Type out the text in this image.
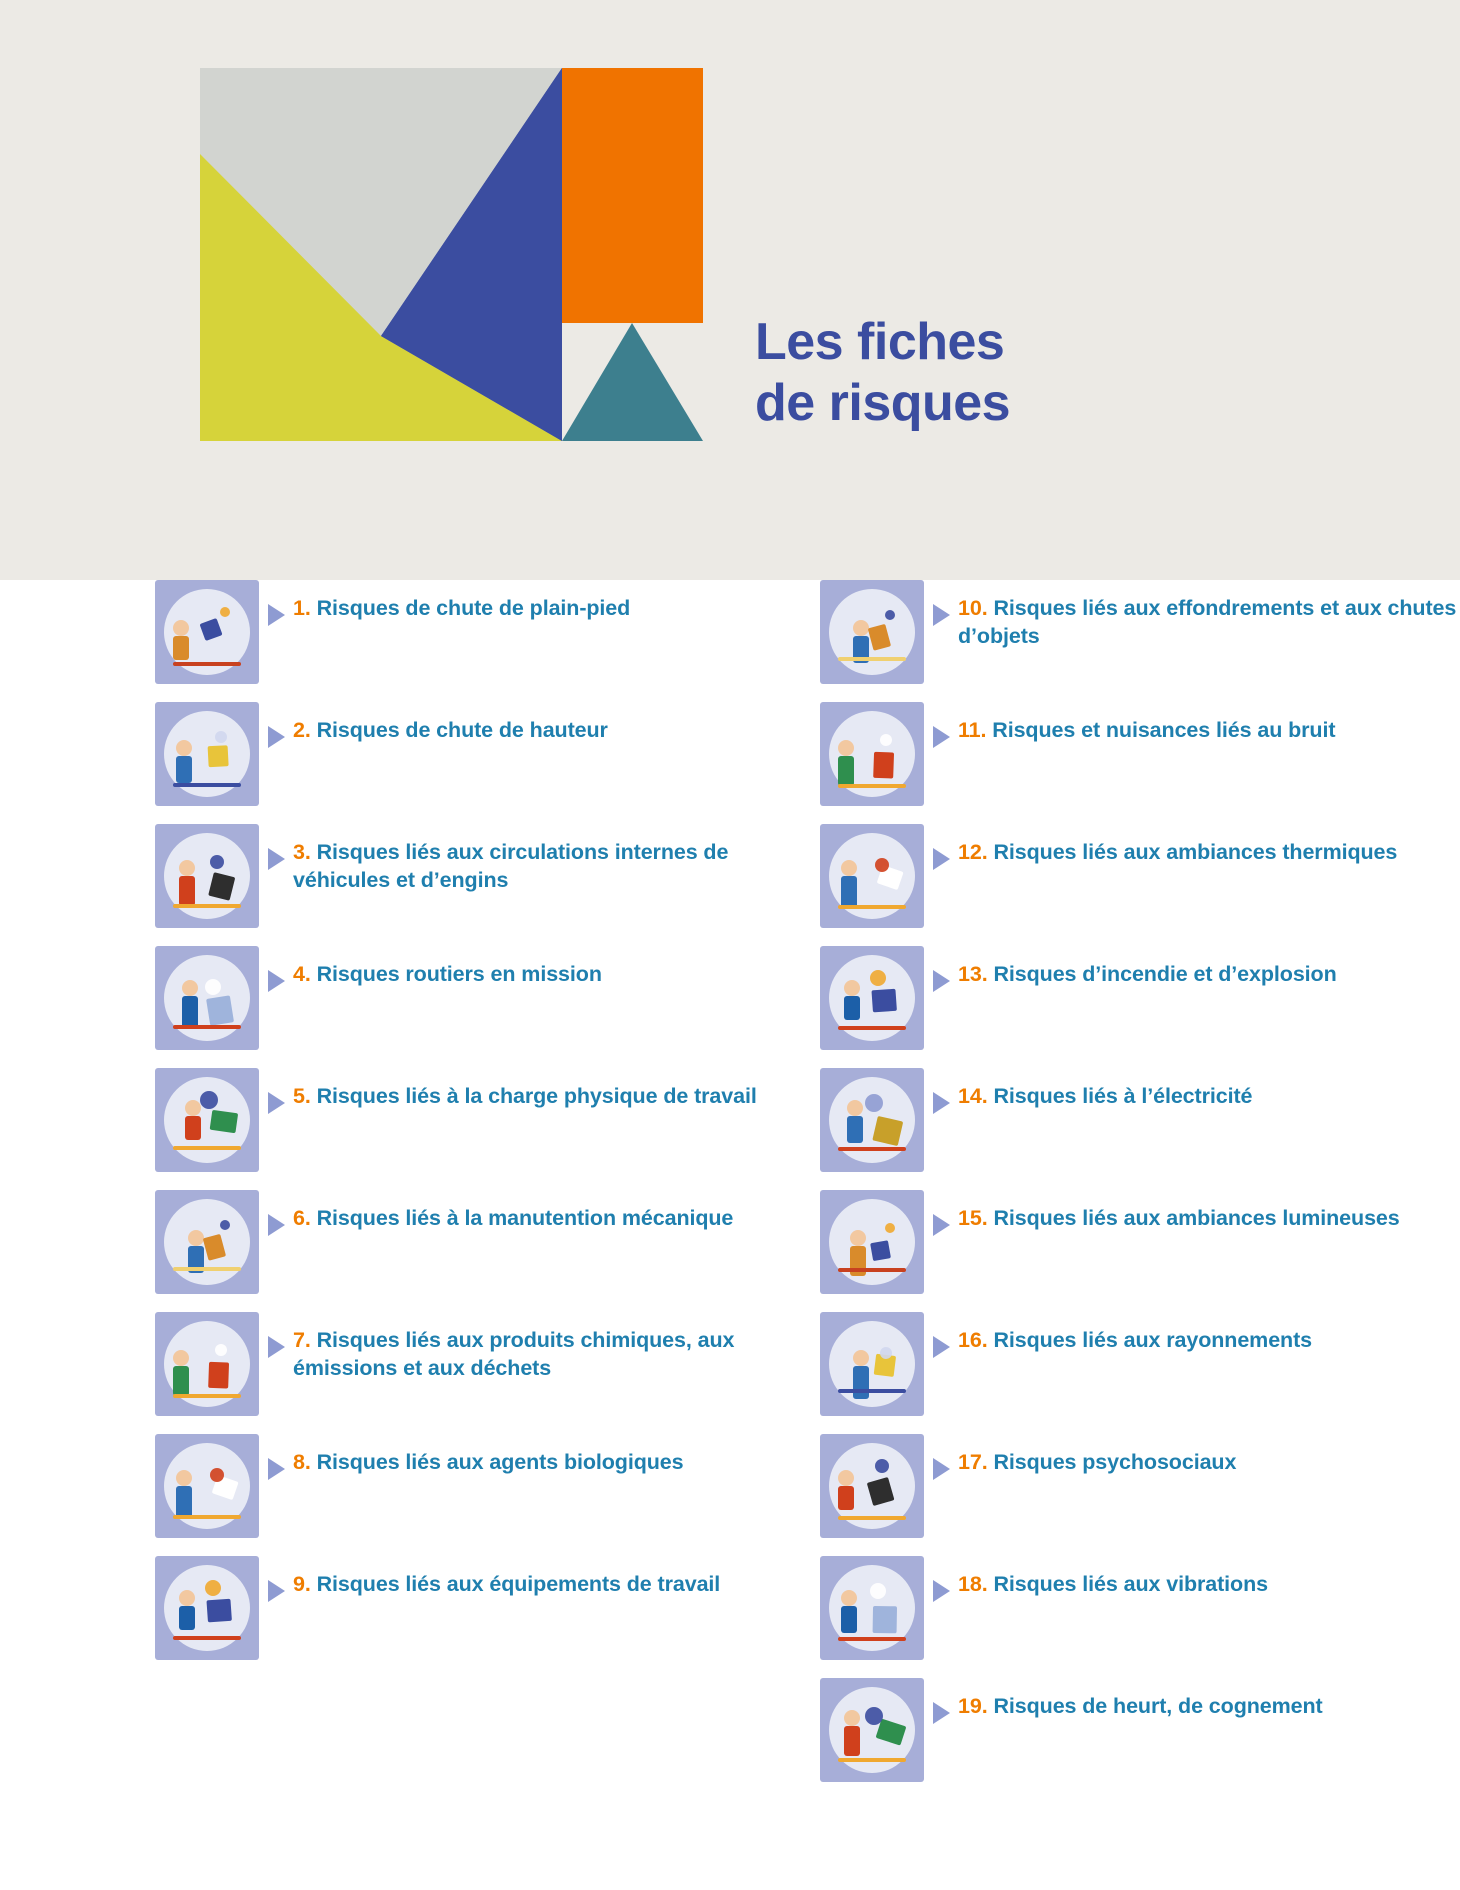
Les fiches
de risques
1. Risques de chute de plain-pied
2. Risques de chute de hauteur
3. Risques liés aux circulations internes de véhicules et d’engins
4. Risques routiers en mission
5. Risques liés à la charge physique de travail
6. Risques liés à la manutention mécanique
7. Risques liés aux produits chimiques, aux émissions et aux déchets
8. Risques liés aux agents biologiques
9. Risques liés aux équipements de travail
10. Risques liés aux effondrements et aux chutes d’objets
11. Risques et nuisances liés au bruit
12. Risques liés aux ambiances thermiques
13. Risques d’incendie et d’explosion
14. Risques liés à l’électricité
15. Risques liés aux ambiances lumineuses
16. Risques liés aux rayonnements
17. Risques psychosociaux
18. Risques liés aux vibrations
19. Risques de heurt, de cognement
